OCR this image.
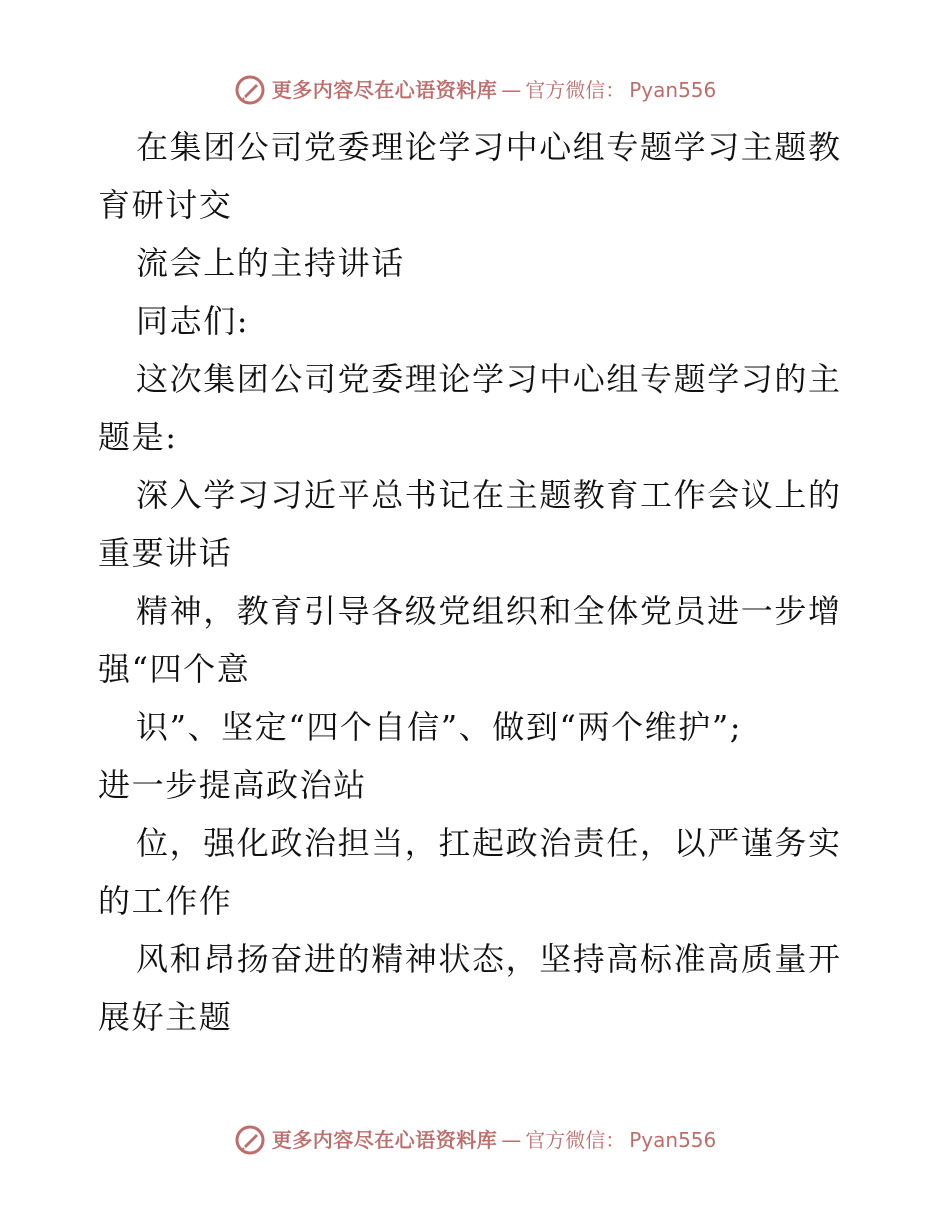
更多内容尽在心语资料库 — 官方微信： Pyan556
在集团公司党委理论学习中心组专题学习主题教
育研讨交
流会上的主持讲话
同志们:
这次集团公司党委理论学习中心组专题学习的主
题是:
深入学习习近平总书记在主题教育工作会议上的
重要讲话
精神，教育引导各级党组织和全体党员进一步增
强“四个意
识”、坚定“四个自信”、做到“两个维护”;
进一步提高政治站
位，强化政治担当，扛起政治责任，以严谨务实
的工作作
风和昂扬奋进的精神状态，坚持高标准高质量开
展好主题
更多内容尽在心语资料库 — 官方微信： Pyan556
